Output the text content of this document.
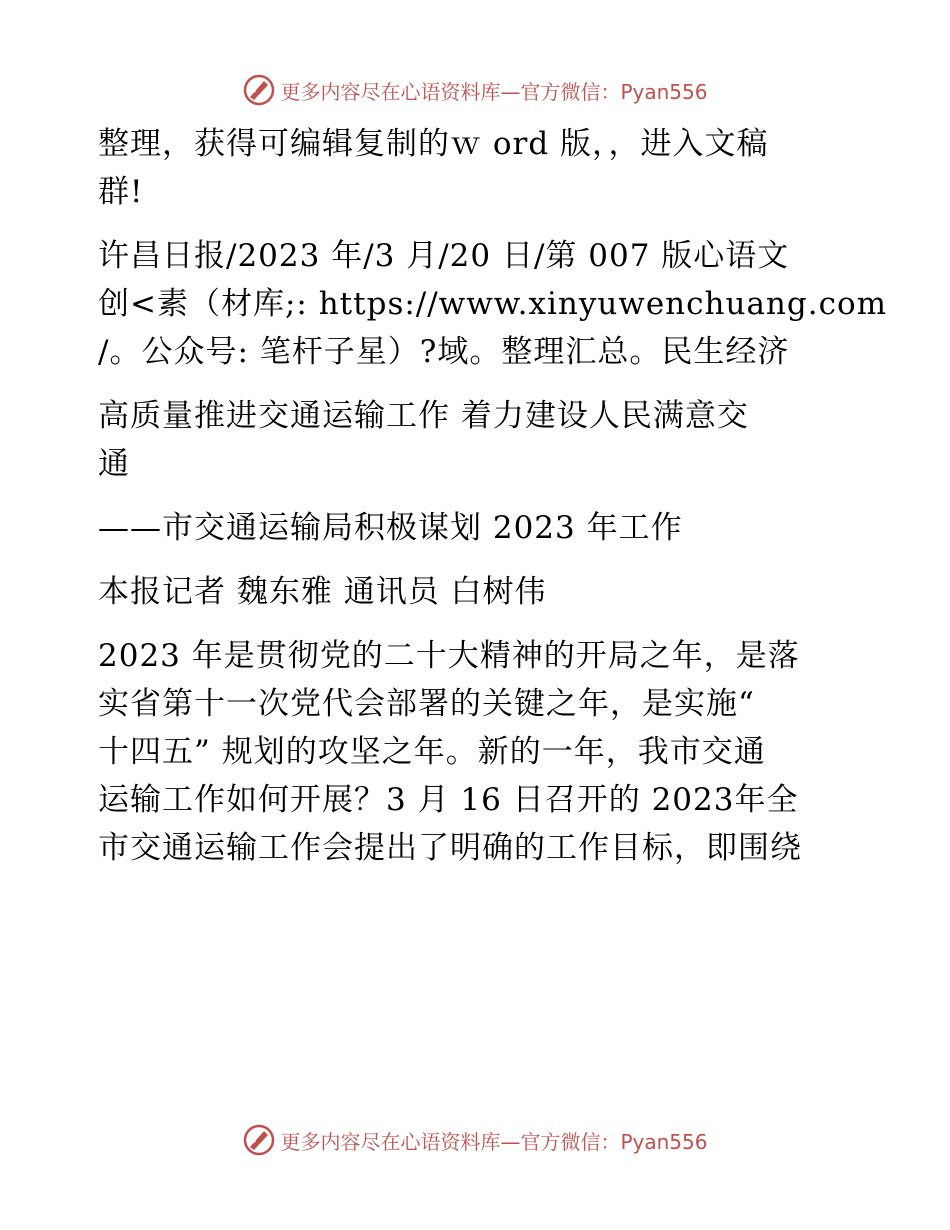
更多内容尽在心语资料库—官方微信：Pyan556
整理，获得可编辑复制的ｗ ord 版，，进入文稿
群!
许昌日报/2023 年/3 月/20 日/第 007 版心语文
创<素（材库;: https://www.xinyuwenchuang.com
/。公众号: 笔杆子星）?域。整理汇总。民生经济
高质量推进交通运输工作 着力建设人民满意交
通
——市交通运输局积极谋划 2023 年工作
本报记者 魏东雅 通讯员 白树伟
2023 年是贯彻党的二十大精神的开局之年，是落
实省第十一次党代会部署的关键之年，是实施“
十四五” 规划的攻坚之年。新的一年，我市交通
运输工作如何开展？3 月 16 日召开的 2023年全
市交通运输工作会提出了明确的工作目标，即围绕
更多内容尽在心语资料库—官方微信：Pyan556
